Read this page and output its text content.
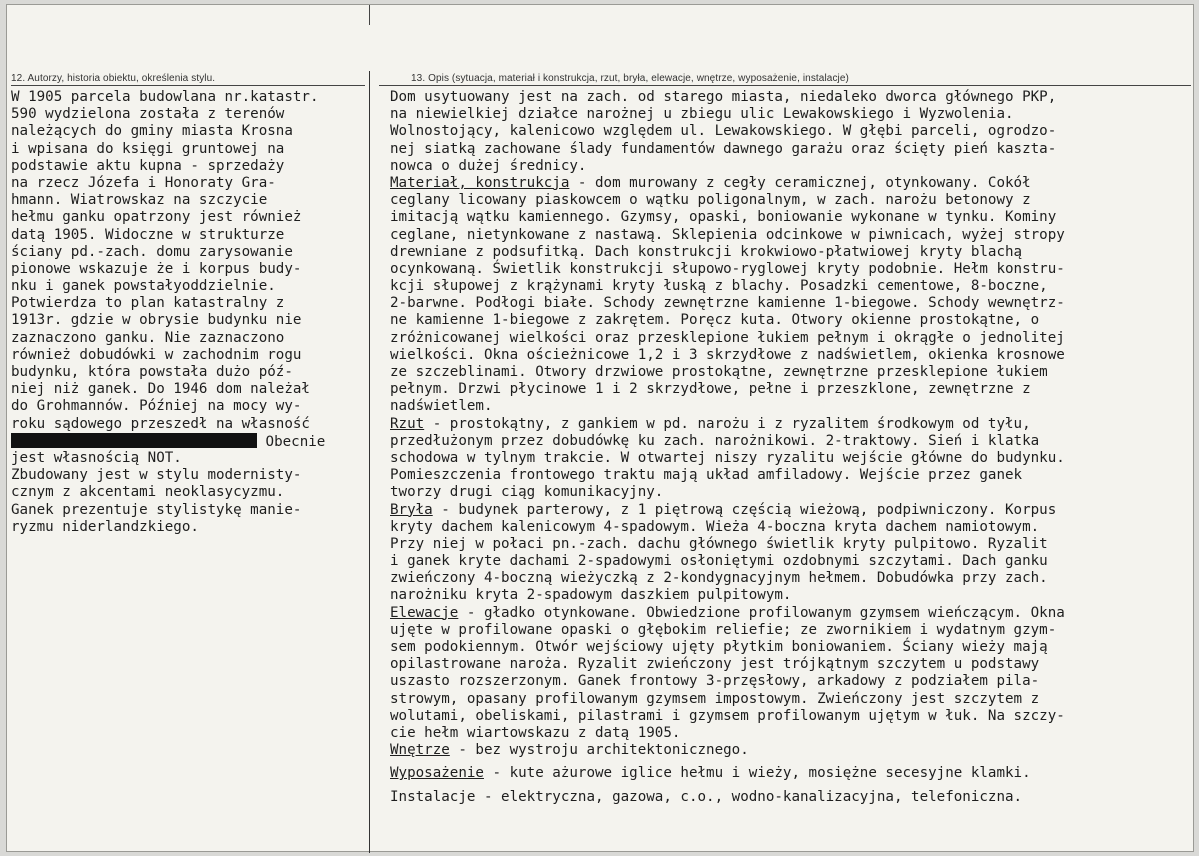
12. Autorzy, historia obiektu, określenia stylu.	13. Opis (sytuacja, materiał i konstrukcja, rzut, bryła, elewacje, wnętrze, wyposażenie, instalacje)
W 1905 parcela budowlana nr.katastr.
590 wydzielona została z terenów
należących do gminy miasta Krosna
i wpisana do księgi gruntowej na
podstawie aktu kupna - sprzedaży
na rzecz Józefa i Honoraty Gra-
hmann. Wiatrowskaz na szczycie
hełmu ganku opatrzony jest również
datą 1905. Widoczne w strukturze
ściany pd.-zach. domu zarysowanie
pionowe wskazuje że i korpus budy-
nku i ganek powstałyoddzielnie.
Potwierdza to plan katastralny z
1913r. gdzie w obrysie budynku nie
zaznaczono ganku. Nie zaznaczono
również dobudówki w zachodnim rogu
budynku, która powstała dużo póź-
niej niż ganek. Do 1946 dom należał
do Grohmannów. Później na mocy wy-
roku sądowego przeszedł na własność
Obecnie
jest własnością NOT.
Zbudowany jest w stylu modernisty-
cznym z akcentami neoklasycyzmu.
Ganek prezentuje stylistykę manie-
ryzmu niderlandzkiego.
Dom usytuowany jest na zach. od starego miasta, niedaleko dworca głównego PKP,
na niewielkiej działce narożnej u zbiegu ulic Lewakowskiego i Wyzwolenia.
Wolnostojący, kalenicowo względem ul. Lewakowskiego. W głębi parceli, ogrodzo-
nej siatką zachowane ślady fundamentów dawnego garażu oraz ścięty pień kaszta-
nowca o dużej średnicy.
Materiał, konstrukcja - dom murowany z cegły ceramicznej, otynkowany. Cokół
ceglany licowany piaskowcem o wątku poligonalnym, w zach. narożu betonowy z
imitacją wątku kamiennego. Gzymsy, opaski, boniowanie wykonane w tynku. Kominy
ceglane, nietynkowane z nastawą. Sklepienia odcinkowe w piwnicach, wyżej stropy
drewniane z podsufitką. Dach konstrukcji krokwiowo-płatwiowej kryty blachą
ocynkowaną. Świetlik konstrukcji słupowo-ryglowej kryty podobnie. Hełm konstru-
kcji słupowej z krążynami kryty łuską z blachy. Posadzki cementowe, 8-boczne,
2-barwne. Podłogi białe. Schody zewnętrzne kamienne 1-biegowe. Schody wewnętrz-
ne kamienne 1-biegowe z zakrętem. Poręcz kuta. Otwory okienne prostokątne, o
zróżnicowanej wielkości oraz przesklepione łukiem pełnym i okrągłe o jednolitej
wielkości. Okna ościeżnicowe 1,2 i 3 skrzydłowe z nadświetlem, okienka krosnowe
ze szczeblinami. Otwory drzwiowe prostokątne, zewnętrzne przesklepione łukiem
pełnym. Drzwi płycinowe 1 i 2 skrzydłowe, pełne i przeszklone, zewnętrzne z
nadświetlem.
Rzut - prostokątny, z gankiem w pd. narożu i z ryzalitem środkowym od tyłu,
przedłużonym przez dobudówkę ku zach. narożnikowi. 2-traktowy. Sień i klatka
schodowa w tylnym trakcie. W otwartej niszy ryzalitu wejście główne do budynku.
Pomieszczenia frontowego traktu mają układ amfiladowy. Wejście przez ganek
tworzy drugi ciąg komunikacyjny.
Bryła - budynek parterowy, z 1 piętrową częścią wieżową, podpiwniczony. Korpus
kryty dachem kalenicowym 4-spadowym. Wieża 4-boczna kryta dachem namiotowym.
Przy niej w połaci pn.-zach. dachu głównego świetlik kryty pulpitowo. Ryzalit
i ganek kryte dachami 2-spadowymi osłoniętymi ozdobnymi szczytami. Dach ganku
zwieńczony 4-boczną wieżyczką z 2-kondygnacyjnym hełmem. Dobudówka przy zach.
narożniku kryta 2-spadowym daszkiem pulpitowym.
Elewacje - gładko otynkowane. Obwiedzione profilowanym gzymsem wieńczącym. Okna
ujęte w profilowane opaski o głębokim reliefie; ze zwornikiem i wydatnym gzym-
sem podokiennym. Otwór wejściowy ujęty płytkim boniowaniem. Ściany wieży mają
opilastrowane naroża. Ryzalit zwieńczony jest trójkątnym szczytem u podstawy
uszasto rozszerzonym. Ganek frontowy 3-przęsłowy, arkadowy z podziałem pila-
strowym, opasany profilowanym gzymsem impostowym. Zwieńczony jest szczytem z
wolutami, obeliskami, pilastrami i gzymsem profilowanym ujętym w łuk. Na szczy-
cie hełm wiartowskazu z datą 1905.
Wnętrze - bez wystroju architektonicznego.
Wyposażenie - kute ażurowe iglice hełmu i wieży, mosiężne secesyjne klamki.
Instalacje - elektryczna, gazowa, c.o., wodno-kanalizacyjna, telefoniczna.
